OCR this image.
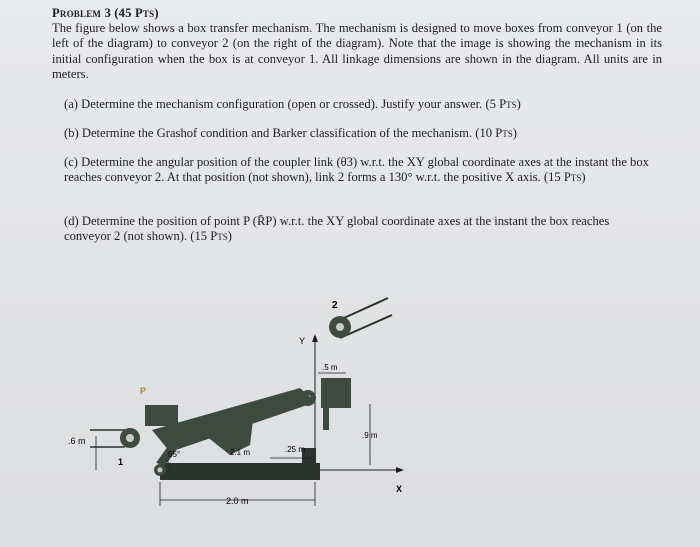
Problem 3 (45 Pts)
The figure below shows a box transfer mechanism. The mechanism is designed to move boxes from conveyor 1 (on the left of the diagram) to conveyor 2 (on the right of the diagram). Note that the image is showing the mechanism in its initial configuration when the box is at conveyor 1. All linkage dimensions are shown in the diagram. All units are in meters.
(a) Determine the mechanism configuration (open or crossed). Justify your answer. (5 Pts)
(b) Determine the Grashof condition and Barker classification of the mechanism. (10 Pts)
(c) Determine the angular position of the coupler link (θ3) w.r.t. the XY global coordinate axes at the instant the box reaches conveyor 2. At that position (not shown), link 2 forms a 130° w.r.t. the positive X axis. (15 Pts)
(d) Determine the position of point P (R̄P) w.r.t. the XY global coordinate axes at the instant the box reaches conveyor 2 (not shown). (15 Pts)
2
Y
X
P
1
.6 m
.5 m
.9 m
55°	2.1 m	.25 m
2.0 m
